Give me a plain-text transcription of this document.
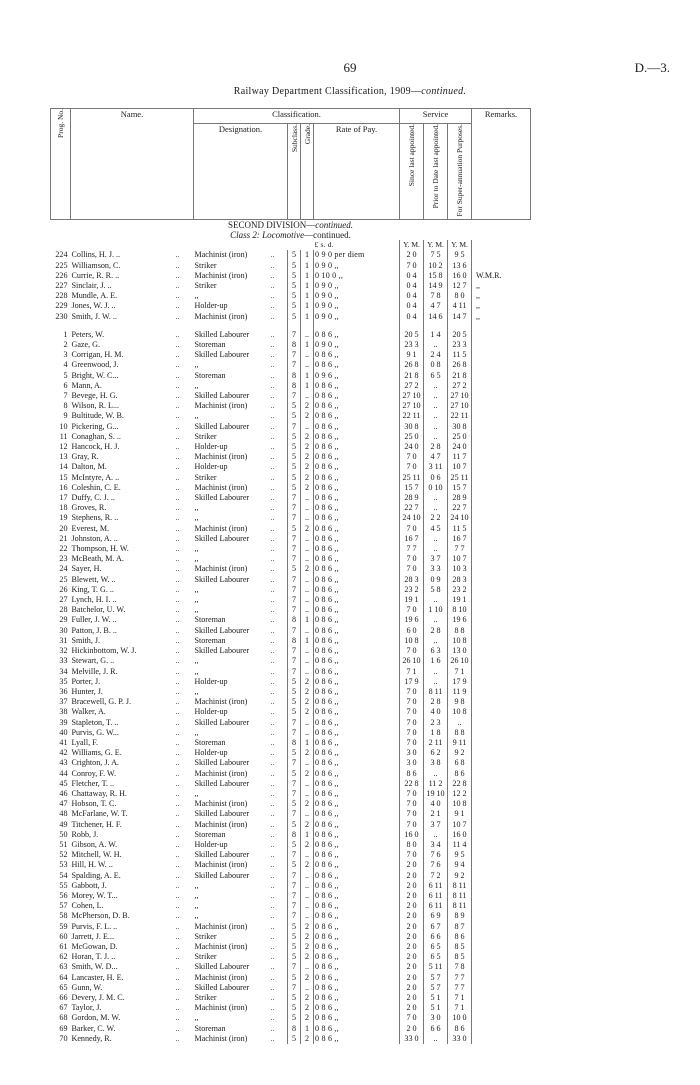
69	D.—3.
Railway Department Classification, 1909—continued.
Prog. No.	Name.		Classification.					Service			Remarks.
			Designation.		Subclass.	Grade.	Rate of Pay.	Since last appointed.	Prior to Date last appointed.	For Super-annuation Purposes.	
SECOND DIVISION—continued.											
Class 2: Locomotive—continued.											
							£ s. d.	Y. M.	Y. M.	Y. M.	
224	Collins, H. J. ..	..	Machinist (iron)	..	5	1	0 9 0 per diem	2 0	7 5	9 5	
225	Williamson, C.	..	Striker	..	5	1	0 9 0 ,,	7 0	10 2	13 6	
226	Currie, R. R. ..	..	Machinist (iron)	..	5	1	0 10 0 ,,	0 4	15 8	16 0	W.M.R.
227	Sinclair, J. ..	..	Striker	..	5	1	0 9 0 ,,	0 4	14 9	12 7	,,
228	Mundle, A. E.	..	,,	..	5	1	0 9 0 ,,	0 4	7 8	8 0	,,
229	Jones, W. J. ..	..	Holder-up	..	5	1	0 9 0 ,,	0 4	4 7	4 11	,,
230	Smith, J. W. ..	..	Machinist (iron)	..	5	1	0 9 0 ,,	0 4	14 6	14 7	,,

1	Peters, W.	..	Skilled Labourer	..	7	..	0 8 6 ,,	20 5	1 4	20 5	
2	Gaze, G.	..	Storeman	..	8	1	0 9 0 ,,	23 3	..	23 3	
3	Corrigan, H. M.	..	Skilled Labourer	..	7	..	0 8 6 ,,	9 1	2 4	11 5	
4	Greenwood, J.	..	,,	..	7	..	0 8 6 ,,	26 8	0 8	26 8	
5	Bright, W. C...	..	Storeman	..	8	1	0 9 6 ,,	21 8	6 5	21 8	
6	Mann, A.	..	,,	..	8	1	0 8 6 ,,	27 2	..	27 2	
7	Bevege, H. G.	..	Skilled Labourer	..	7	..	0 8 6 ,,	27 10	..	27 10	
8	Wilson, R. L...	..	Machinist (iron)	..	5	2	0 8 6 ,,	27 10	..	27 10	
9	Bultitude, W. B.	..	,,	..	5	2	0 8 6 ,,	22 11	..	22 11	
10	Pickering, G...	..	Skilled Labourer	..	7	..	0 8 6 ,,	30 8	..	30 8	
11	Conaghan, S. ..	..	Striker	..	5	2	0 8 6 ,,	25 0	..	25 0	
12	Hancock, H. J.	..	Holder-up	..	5	2	0 8 6 ,,	24 0	2 8	24 0	
13	Gray, R.	..	Machinist (iron)	..	5	2	0 8 6 ,,	7 0	4 7	11 7	
14	Dalton, M.	..	Holder-up	..	5	2	0 8 6 ,,	7 0	3 11	10 7	
15	McIntyre, A. ..	..	Striker	..	5	2	0 8 6 ,,	25 11	0 6	25 11	
16	Coleshin, C. E.	..	Machinist (iron)	..	5	2	0 8 6 ,,	15 7	0 10	15 7	
17	Duffy, C. J. ..	..	Skilled Labourer	..	7	..	0 8 6 ,,	28 9	..	28 9	
18	Groves, R.	..	,,	..	7	..	0 8 6 ,,	22 7	..	22 7	
19	Stephens, R. ..	..	,,	..	7	..	0 8 6 ,,	24 10	2 2	24 10	
20	Everest, M.	..	Machinist (iron)	..	5	2	0 8 6 ,,	7 0	4 5	11 5	
21	Johnston, A. ..	..	Skilled Labourer	..	7	..	0 8 6 ,,	16 7	..	16 7	
22	Thompson, H. W.	..	,,	..	7	..	0 8 6 ,,	7 7	..	7 7	
23	McBeath, M. A.	..	,,	..	7	..	0 8 6 ,,	7 0	3 7	10 7	
24	Sayer, H.	..	Machinist (iron)	..	5	2	0 8 6 ,,	7 0	3 3	10 3	
25	Blewett, W. ..	..	Skilled Labourer	..	7	..	0 8 6 ,,	28 3	0 9	28 3	
26	King, T. G. ..	..	,,	..	7	..	0 8 6 ,,	23 2	5 8	23 2	
27	Lynch, H. I. ..	..	,,	..	7	..	0 8 6 ,,	19 1	..	19 1	
28	Batchelor, U. W.	..	,,	..	7	..	0 8 6 ,,	7 0	1 10	8 10	
29	Fuller, J. W. ..	..	Storeman	..	8	1	0 8 6 ,,	19 6	..	19 6	
30	Patton, J. B. ..	..	Skilled Labourer	..	7	..	0 8 6 ,,	6 0	2 8	8 8	
31	Smith, J.	..	Storeman	..	8	1	0 8 6 ,,	10 8	..	10 8	
32	Hickinbottom, W. J.	..	Skilled Labourer	..	7	..	0 8 6 ,,	7 0	6 3	13 0	
33	Stewart, G. ..	..	,,	..	7	..	0 8 6 ,,	26 10	1 6	26 10	
34	Melville, J. R.	..	,,	..	7	..	0 8 6 ,,	7 1	..	7 1	
35	Porter, J.	..	Holder-up	..	5	2	0 8 6 ,,	17 9	..	17 9	
36	Hunter, J.	..	,,	..	5	2	0 8 6 ,,	7 0	8 11	11 9	
37	Bracewell, G. P. J.	..	Machinist (iron)	..	5	2	0 8 6 ,,	7 0	2 8	9 8	
38	Walker, A.	..	Holder-up	..	5	2	0 8 6 ,,	7 0	4 0	10 8	
39	Stapleton, T. ..	..	Skilled Labourer	..	7	..	0 8 6 ,,	7 0	2 3	..	
40	Purvis, G. W...	..	,,	..	7	..	0 8 6 ,,	7 0	1 8	8 8	
41	Lyall, F.	..	Storeman	..	8	1	0 8 6 ,,	7 0	2 11	9 11	
42	Williams, G. E.	..	Holder-up	..	5	2	0 8 6 ,,	3 0	6 2	9 2	
43	Crighton, J. A.	..	Skilled Labourer	..	7	..	0 8 6 ,,	3 0	3 8	6 8	
44	Conroy, F. W.	..	Machinist (iron)	..	5	2	0 8 6 ,,	8 6	..	8 6	
45	Fletcher, T. ..	..	Skilled Labourer	..	7	..	0 8 6 ,,	22 8	11 2	22 8	
46	Chattaway, R. H.	..	,,	..	7	..	0 8 6 ,,	7 0	19 10	12 2	
47	Hobson, T. C.	..	Machinist (iron)	..	5	2	0 8 6 ,,	7 0	4 0	10 8	
48	McFarlane, W. T.	..	Skilled Labourer	..	7	..	0 8 6 ,,	7 0	2 1	9 1	
49	Titchener, H. F.	..	Machinist (iron)	..	5	2	0 8 6 ,,	7 0	3 7	10 7	
50	Robb, J.	..	Storeman	..	8	1	0 8 6 ,,	16 0	..	16 0	
51	Gibson, A. W.	..	Holder-up	..	5	2	0 8 6 ,,	8 0	3 4	11 4	
52	Mitchell, W. H.	..	Skilled Labourer	..	7	..	0 8 6 ,,	7 0	7 6	9 5	
53	Hill, H. W. ..	..	Machinist (iron)	..	5	2	0 8 6 ,,	2 0	7 6	9 4	
54	Spalding, A. E.	..	Skilled Labourer	..	7	..	0 8 6 ,,	2 0	7 2	9 2	
55	Gabbott, J.	..	,,	..	7	..	0 8 6 ,,	2 0	6 11	8 11	
56	Morey, W. T...	..	,,	..	7	..	0 8 6 ,,	2 0	6 11	8 11	
57	Cohen, L.	..	,,	..	7	..	0 8 6 ,,	2 0	6 11	8 11	
58	McPherson, D. B.	..	,,	..	7	..	0 8 6 ,,	2 0	6 9	8 9	
59	Purvis, F. L. ..	..	Machinist (iron)	..	5	2	0 8 6 ,,	2 0	6 7	8 7	
60	Jarrett, J. E...	..	Striker	..	5	2	0 8 6 ,,	2 0	6 6	8 6	
61	McGowan, D.	..	Machinist (iron)	..	5	2	0 8 6 ,,	2 0	6 5	8 5	
62	Horan, T. J. ..	..	Striker	..	5	2	0 8 6 ,,	2 0	6 5	8 5	
63	Smith, W. D...	..	Skilled Labourer	..	7	..	0 8 6 ,,	2 0	5 11	7 8	
64	Lancaster, H. E.	..	Machinist (iron)	..	5	2	0 8 6 ,,	2 0	5 7	7 7	
65	Gunn, W.	..	Skilled Labourer	..	7	..	0 8 6 ,,	2 0	5 7	7 7	
66	Devery, J. M. C.	..	Striker	..	5	2	0 8 6 ,,	2 0	5 1	7 1	
67	Taylor, J.	..	Machinist (iron)	..	5	2	0 8 6 ,,	2 0	5 1	7 1	
68	Gordon, M. W.	..	,,	..	5	2	0 8 6 ,,	7 0	3 0	10 0	
69	Barker, C. W.	..	Storeman	..	8	1	0 8 6 ,,	2 0	6 6	8 6	
70	Kennedy, R.	..	Machinist (iron)	..	5	2	0 8 6 ,,	33 0	..	33 0	
